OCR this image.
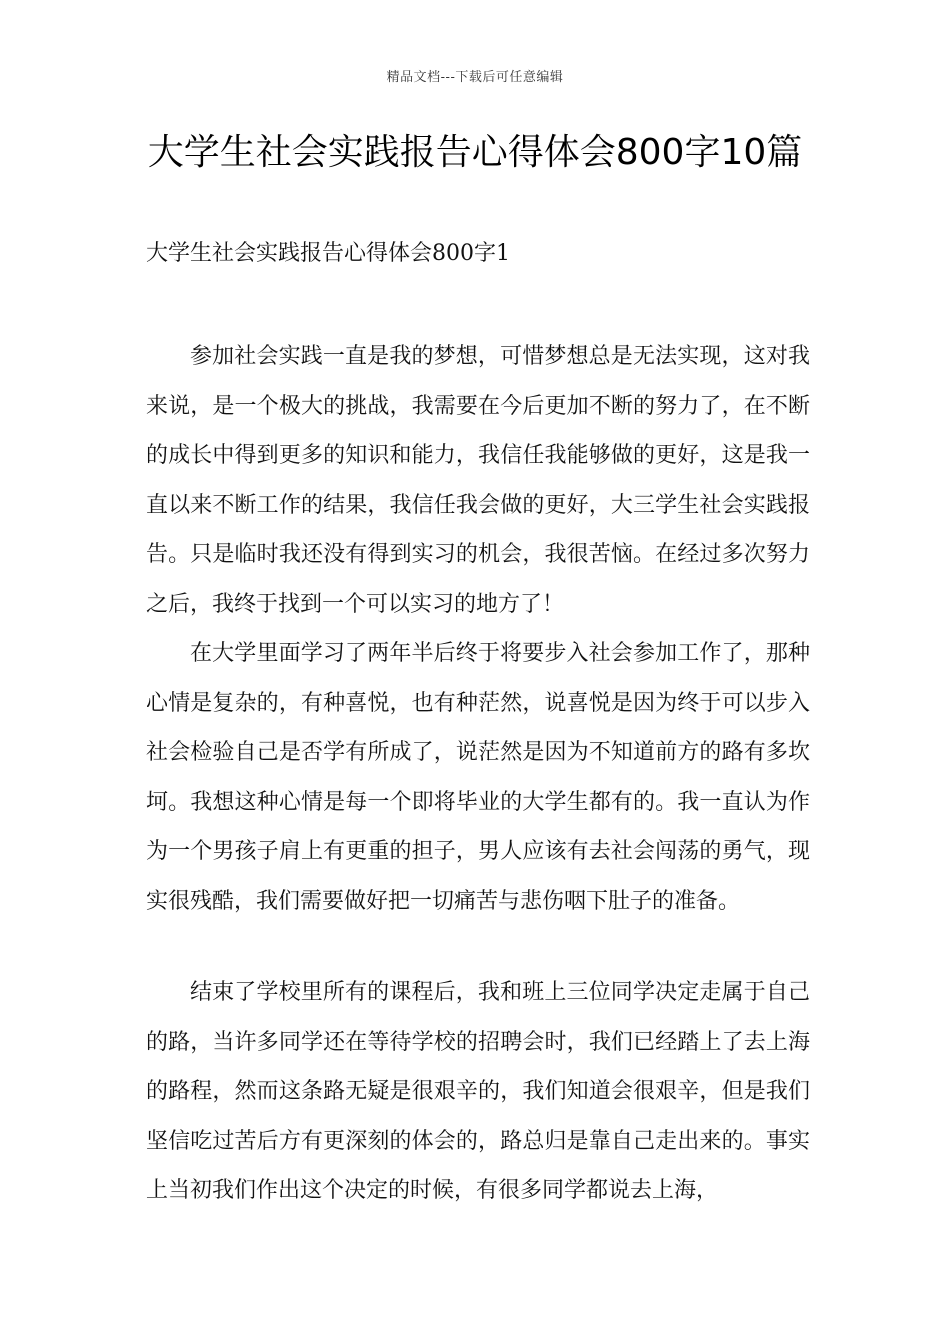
精品文档---下载后可任意编辑
大学生社会实践报告心得体会800字10篇
大学生社会实践报告心得体会800字1

参加社会实践一直是我的梦想，可惜梦想总是无法实现，这对我来说，是一个极大的挑战，我需要在今后更加不断的努力了，在不断的成长中得到更多的知识和能力，我信任我能够做的更好，这是我一直以来不断工作的结果，我信任我会做的更好，大三学生社会实践报告。只是临时我还没有得到实习的机会，我很苦恼。在经过多次努力之后，我终于找到一个可以实习的地方了！

在大学里面学习了两年半后终于将要步入社会参加工作了，那种心情是复杂的，有种喜悦，也有种茫然，说喜悦是因为终于可以步入社会检验自己是否学有所成了，说茫然是因为不知道前方的路有多坎坷。我想这种心情是每一个即将毕业的大学生都有的。我一直认为作为一个男孩子肩上有更重的担子，男人应该有去社会闯荡的勇气，现实很残酷，我们需要做好把一切痛苦与悲伤咽下肚子的准备。

结束了学校里所有的课程后，我和班上三位同学决定走属于自己的路，当许多同学还在等待学校的招聘会时，我们已经踏上了去上海的路程，然而这条路无疑是很艰辛的，我们知道会很艰辛，但是我们坚信吃过苦后方有更深刻的体会的，路总归是靠自己走出来的。事实上当初我们作出这个决定的时候，有很多同学都说去上海，
